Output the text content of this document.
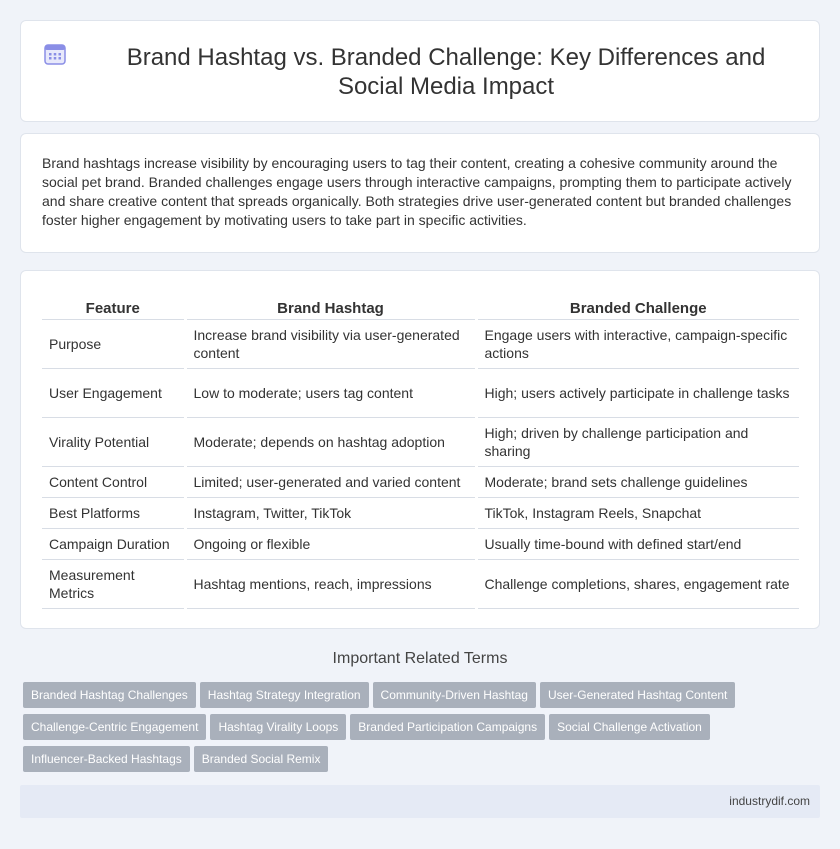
Brand Hashtag vs. Branded Challenge: Key Differences and Social Media Impact

Brand hashtags increase visibility by encouraging users to tag their content, creating a cohesive community around the social pet brand. Branded challenges engage users through interactive campaigns, prompting them to participate actively and share creative content that spreads organically. Both strategies drive user-generated content but branded challenges foster higher engagement by motivating users to take part in specific activities.

Feature	Brand Hashtag	Branded Challenge
Purpose	Increase brand visibility via user-generated content	Engage users with interactive, campaign-specific actions
User Engagement	Low to moderate; users tag content	High; users actively participate in challenge tasks
Virality Potential	Moderate; depends on hashtag adoption	High; driven by challenge participation and sharing
Content Control	Limited; user-generated and varied content	Moderate; brand sets challenge guidelines
Best Platforms	Instagram, Twitter, TikTok	TikTok, Instagram Reels, Snapchat
Campaign Duration	Ongoing or flexible	Usually time-bound with defined start/end
Measurement Metrics	Hashtag mentions, reach, impressions	Challenge completions, shares, engagement rate
Important Related Terms
Branded Hashtag Challenges Hashtag Strategy Integration Community-Driven Hashtag User-Generated Hashtag Content
Challenge-Centric Engagement Hashtag Virality Loops Branded Participation Campaigns Social Challenge Activation
Influencer-Backed Hashtags Branded Social Remix
industrydif.com
